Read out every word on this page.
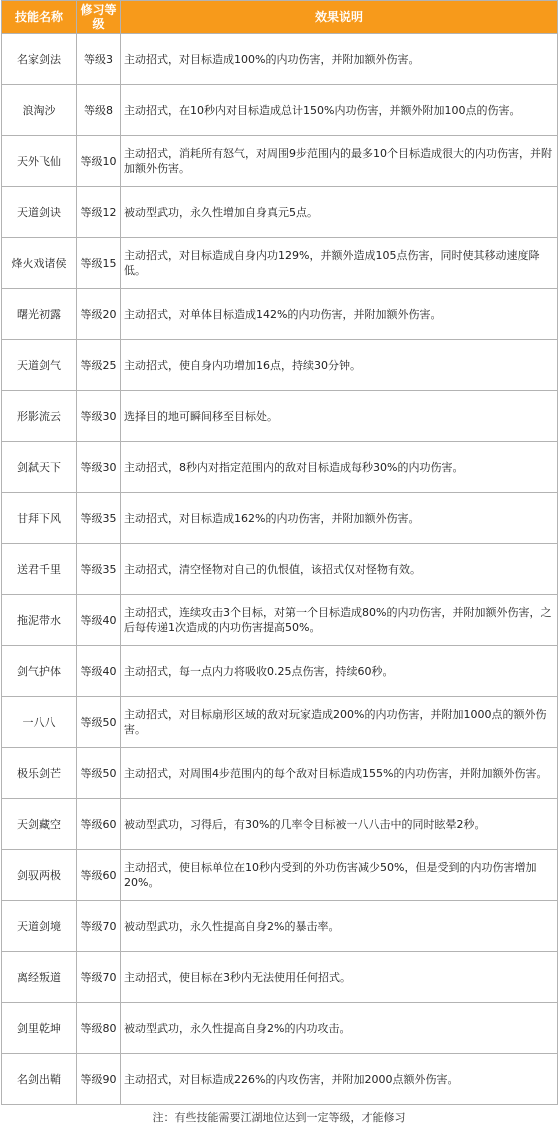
技能名称	修习等级	效果说明
名家剑法	等级3	主动招式，对目标造成100%的内功伤害，并附加额外伤害。
浪淘沙	等级8	主动招式，在10秒内对目标造成总计150%内功伤害，并额外附加100点的伤害。
天外飞仙	等级10	主动招式，消耗所有怒气，对周围9步范围内的最多10个目标造成很大的内功伤害，并附加额外伤害。
天道剑诀	等级12	被动型武功，永久性增加自身真元5点。
烽火戏诸侯	等级15	主动招式，对目标造成自身内功129%，并额外造成105点伤害，同时使其移动速度降低。
曙光初露	等级20	主动招式，对单体目标造成142%的内功伤害，并附加额外伤害。
天道剑气	等级25	主动招式，使自身内功增加16点，持续30分钟。
形影流云	等级30	选择目的地可瞬间移至目标处。
剑弑天下	等级30	主动招式，8秒内对指定范围内的敌对目标造成每秒30%的内功伤害。
甘拜下风	等级35	主动招式，对目标造成162%的内功伤害，并附加额外伤害。
送君千里	等级35	主动招式，清空怪物对自己的仇恨值，该招式仅对怪物有效。
拖泥带水	等级40	主动招式，连续攻击3个目标，对第一个目标造成80%的内功伤害，并附加额外伤害，之后每传递1次造成的内功伤害提高50%。
剑气护体	等级40	主动招式，每一点内力将吸收0.25点伤害，持续60秒。
一八八	等级50	主动招式，对目标扇形区域的敌对玩家造成200%的内功伤害，并附加1000点的额外伤害。
极乐剑芒	等级50	主动招式，对周围4步范围内的每个敌对目标造成155%的内功伤害，并附加额外伤害。
天剑藏空	等级60	被动型武功，习得后，有30%的几率令目标被一八八击中的同时眩晕2秒。
剑驭两极	等级60	主动招式，使目标单位在10秒内受到的外功伤害减少50%，但是受到的内功伤害增加20%。
天道剑境	等级70	被动型武功，永久性提高自身2%的暴击率。
离经叛道	等级70	主动招式，使目标在3秒内无法使用任何招式。
剑里乾坤	等级80	被动型武功，永久性提高自身2%的内功攻击。
名剑出鞘	等级90	主动招式，对目标造成226%的内攻伤害，并附加2000点额外伤害。
注：有些技能需要江湖地位达到一定等级，才能修习
